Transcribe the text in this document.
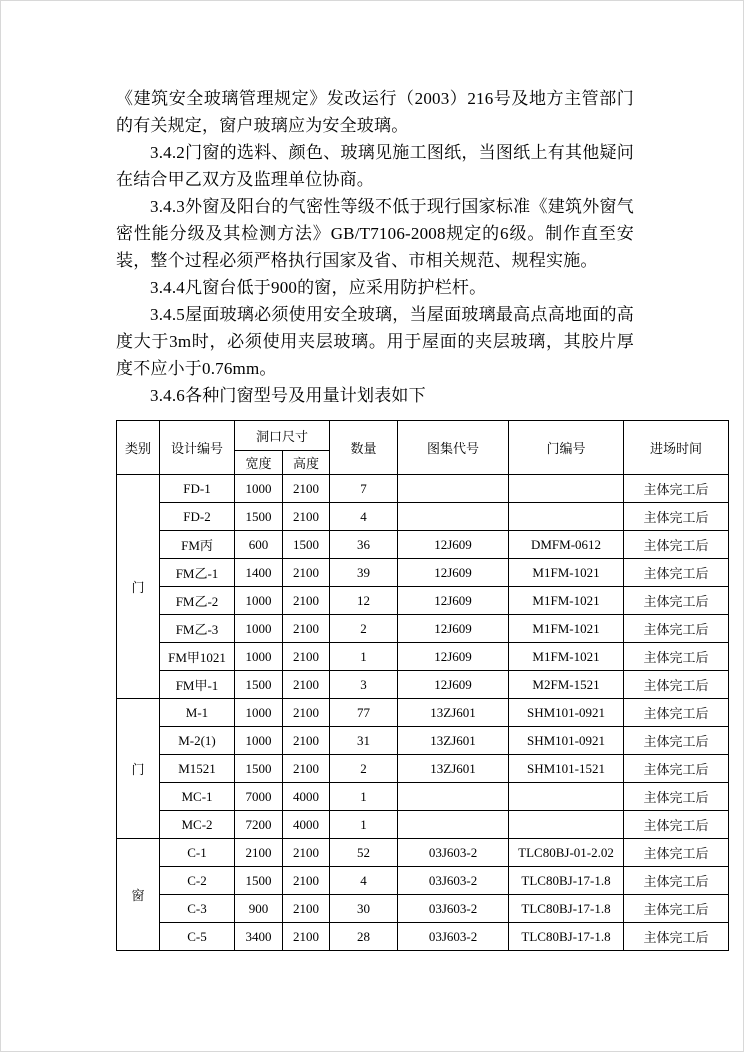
《建筑安全玻璃管理规定》发改运行（2003）216号及地方主管部门的有关规定，窗户玻璃应为安全玻璃。

3.4.2门窗的选料、颜色、玻璃见施工图纸，当图纸上有其他疑问在结合甲乙双方及监理单位协商。

3.4.3外窗及阳台的气密性等级不低于现行国家标准《建筑外窗气密性能分级及其检测方法》GB/T7106-2008规定的6级。制作直至安装，整个过程必须严格执行国家及省、市相关规范、规程实施。

3.4.4凡窗台低于900的窗，应采用防护栏杆。

3.4.5屋面玻璃必须使用安全玻璃，当屋面玻璃最高点高地面的高度大于3m时，必须使用夹层玻璃。用于屋面的夹层玻璃，其胶片厚度不应小于0.76mm。

3.4.6各种门窗型号及用量计划表如下

类别	设计编号	洞口尺寸		数量	图集代号	门编号	进场时间
		宽度	高度				
门	FD-1	1000	2100	7			主体完工后
	FD-2	1500	2100	4			主体完工后
	FM丙	600	1500	36	12J609	DMFM-0612	主体完工后
	FM乙-1	1400	2100	39	12J609	M1FM-1021	主体完工后
	FM乙-2	1000	2100	12	12J609	M1FM-1021	主体完工后
	FM乙-3	1000	2100	2	12J609	M1FM-1021	主体完工后
	FM甲1021	1000	2100	1	12J609	M1FM-1021	主体完工后
	FM甲-1	1500	2100	3	12J609	M2FM-1521	主体完工后
门	M-1	1000	2100	77	13ZJ601	SHM101-0921	主体完工后
	M-2(1)	1000	2100	31	13ZJ601	SHM101-0921	主体完工后
	M1521	1500	2100	2	13ZJ601	SHM101-1521	主体完工后
	MC-1	7000	4000	1			主体完工后
	MC-2	7200	4000	1			主体完工后
窗	C-1	2100	2100	52	03J603-2	TLC80BJ-01-2.02	主体完工后
	C-2	1500	2100	4	03J603-2	TLC80BJ-17-1.8	主体完工后
	C-3	900	2100	30	03J603-2	TLC80BJ-17-1.8	主体完工后
	C-5	3400	2100	28	03J603-2	TLC80BJ-17-1.8	主体完工后
